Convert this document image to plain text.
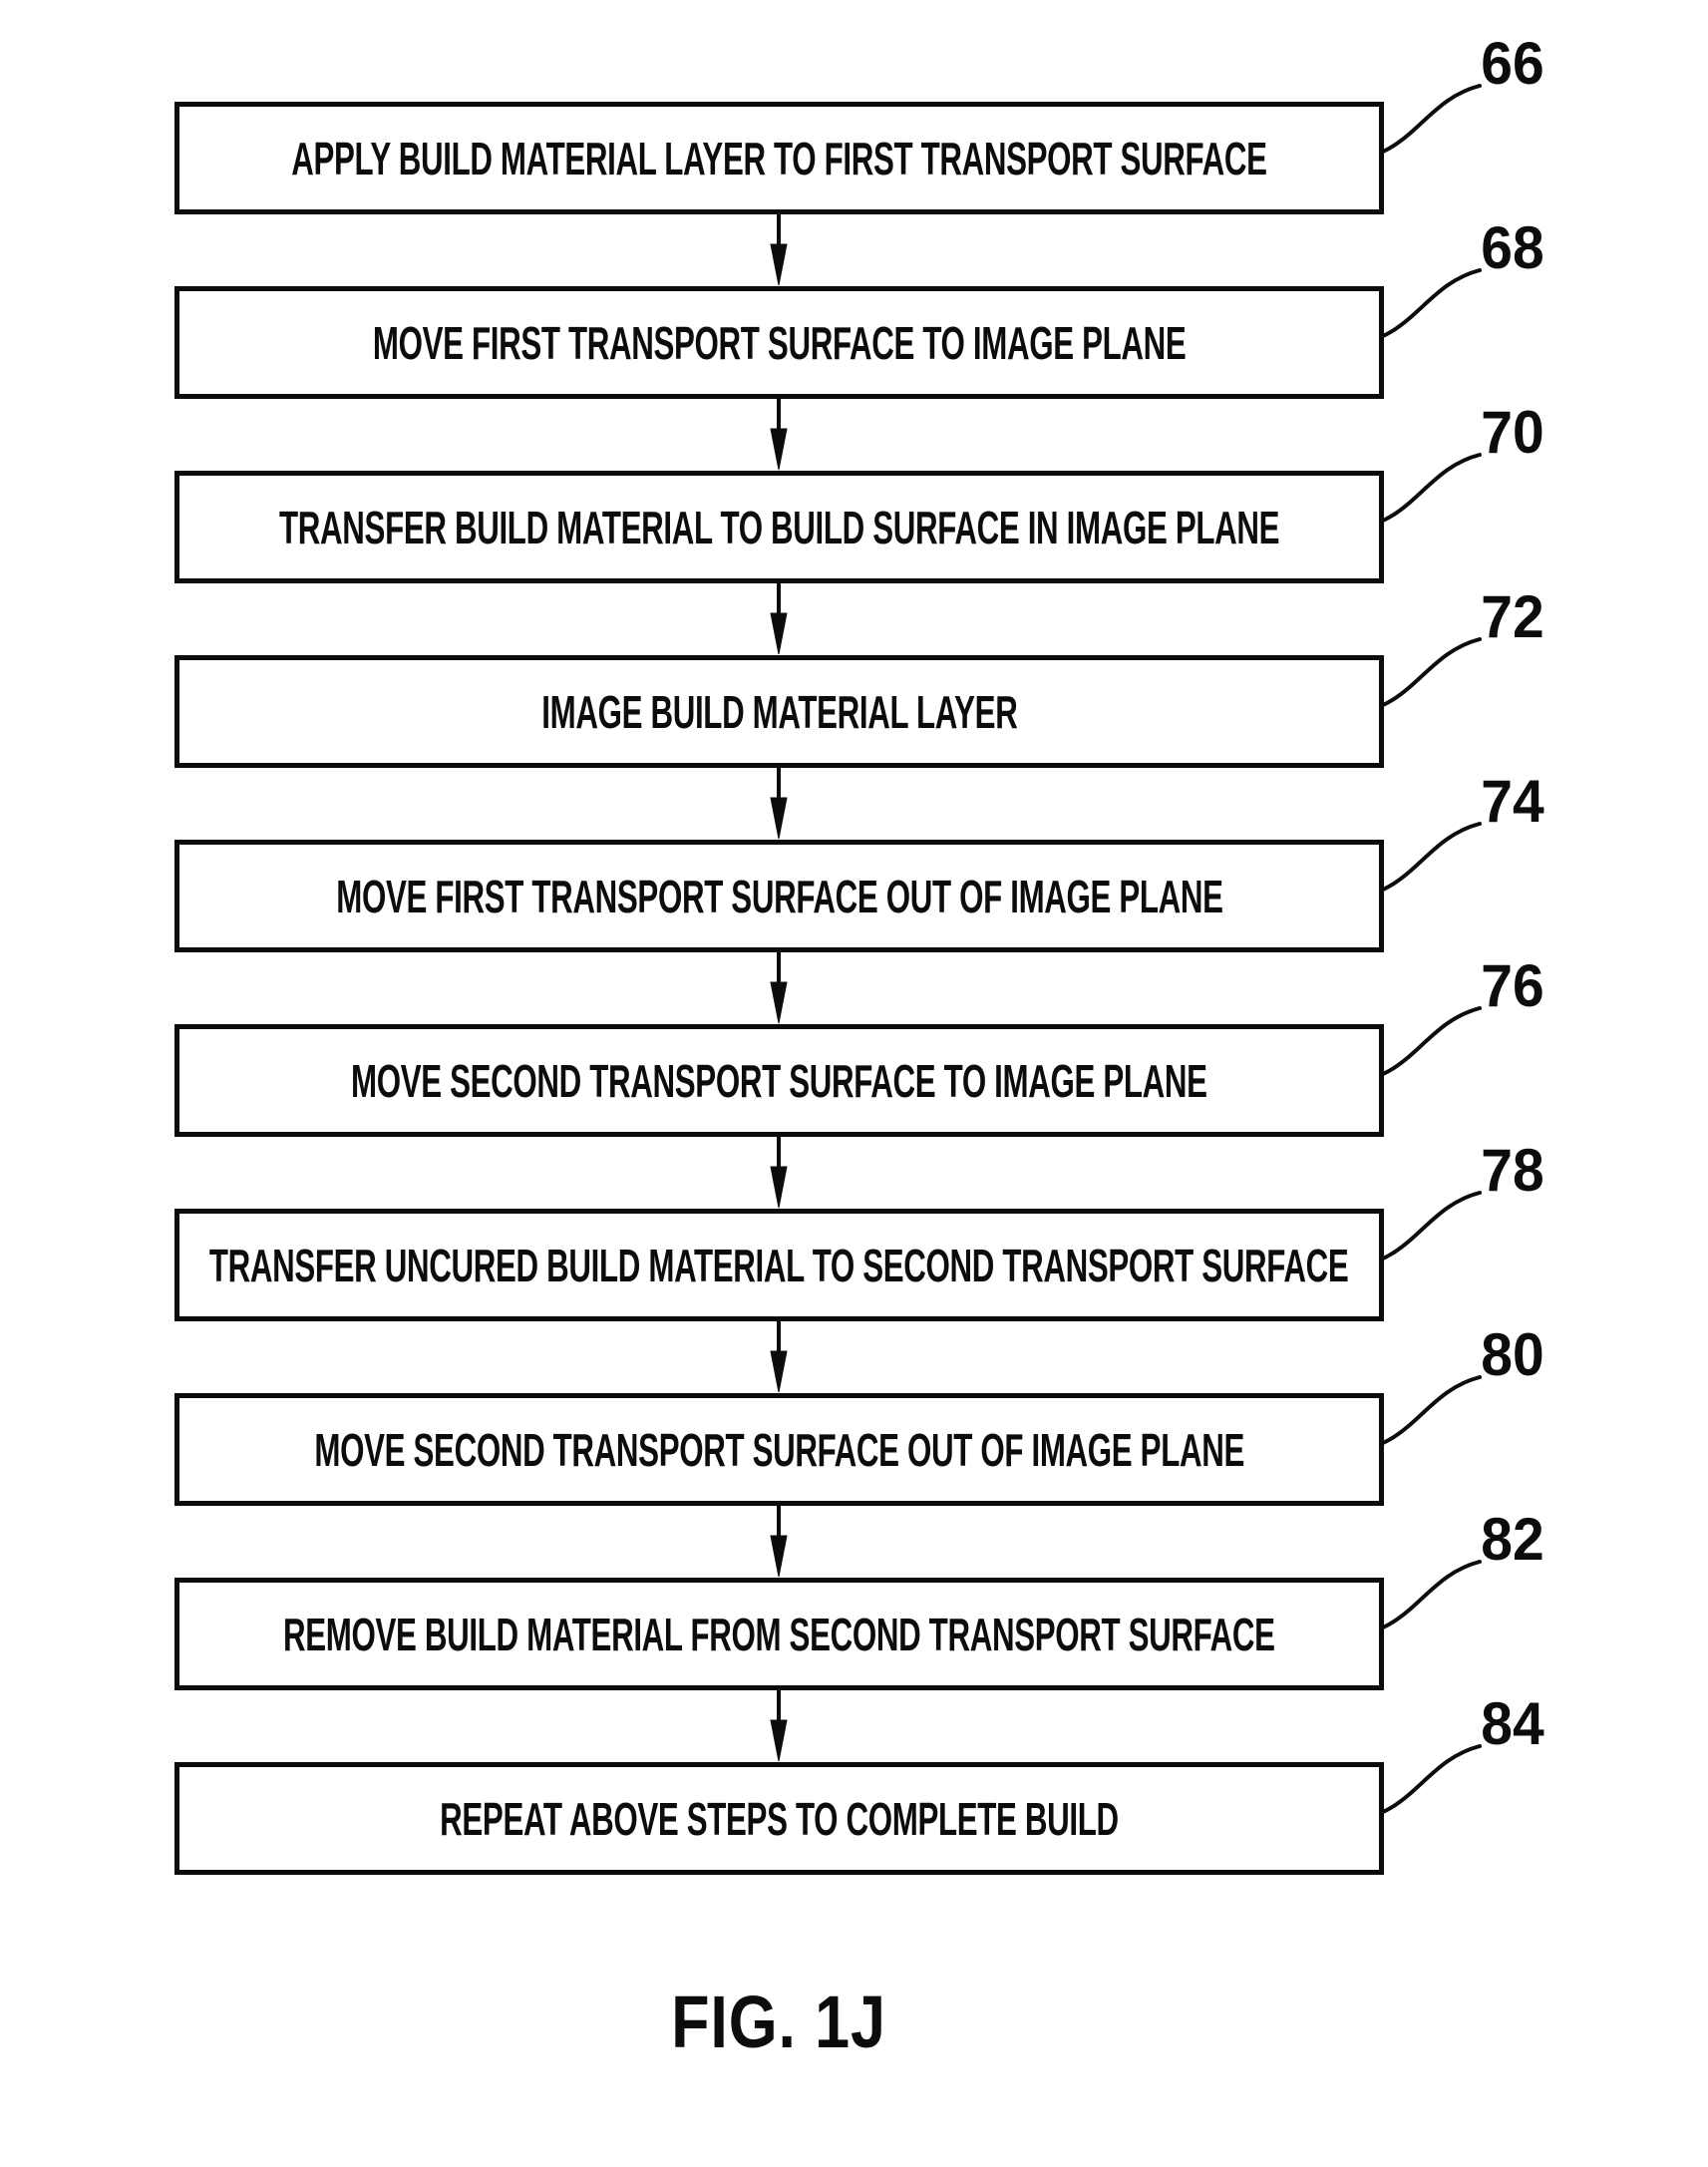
APPLY BUILD MATERIAL LAYER TO FIRST TRANSPORT SURFACE
MOVE FIRST TRANSPORT SURFACE TO IMAGE PLANE
TRANSFER BUILD MATERIAL TO BUILD SURFACE IN IMAGE PLANE
IMAGE BUILD MATERIAL LAYER
MOVE FIRST TRANSPORT SURFACE OUT OF IMAGE PLANE
MOVE SECOND TRANSPORT SURFACE TO IMAGE PLANE
TRANSFER UNCURED BUILD MATERIAL TO SECOND TRANSPORT SURFACE
MOVE SECOND TRANSPORT SURFACE OUT OF IMAGE PLANE
REMOVE BUILD MATERIAL FROM SECOND TRANSPORT SURFACE
REPEAT ABOVE STEPS TO COMPLETE BUILD
66
68
70
72
74
76
78
80
82
84
FIG. 1J
